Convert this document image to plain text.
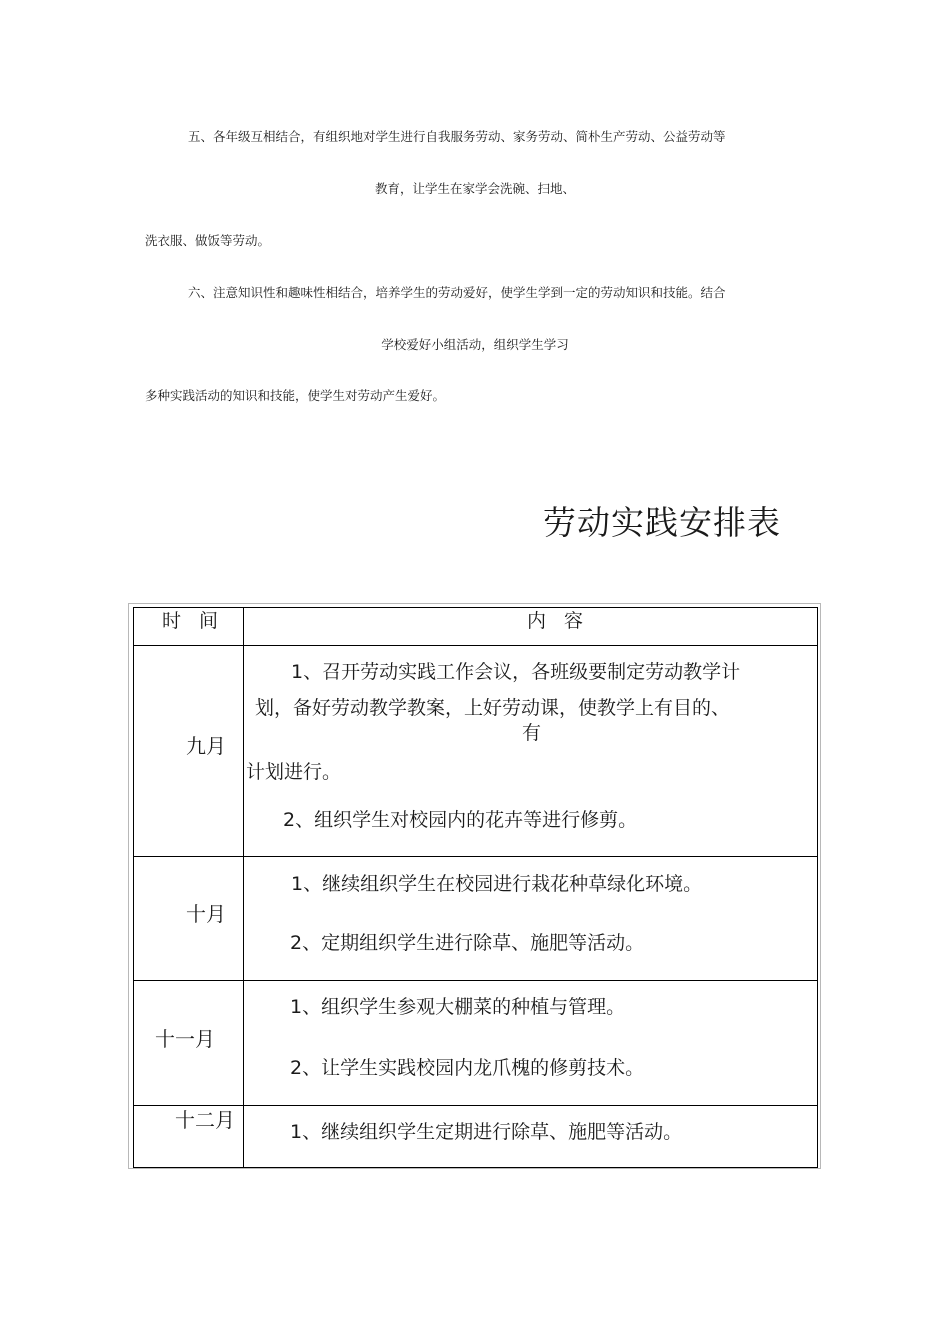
五、各年级互相结合，有组织地对学生进行自我服务劳动、家务劳动、简朴生产劳动、公益劳动等
教育，让学生在家学会洗碗、扫地、
洗衣服、做饭等劳动。
六、注意知识性和趣味性相结合，培养学生的劳动爱好，使学生学到一定的劳动知识和技能。结合
学校爱好小组活动，组织学生学习
多种实践活动的知识和技能，使学生对劳动产生爱好。
劳动实践安排表
时 间	内 容
九月
1、召开劳动实践工作会议，各班级要制定劳动教学计
划，备好劳动教学教案，上好劳动课，使教学上有目的、
有
计划进行。
2、组织学生对校园内的花卉等进行修剪。
十月
1、继续组织学生在校园进行栽花种草绿化环境。
2、定期组织学生进行除草、施肥等活动。
十一月
1、组织学生参观大棚菜的种植与管理。
2、让学生实践校园内龙爪槐的修剪技术。
十二月	1、继续组织学生定期进行除草、施肥等活动。
